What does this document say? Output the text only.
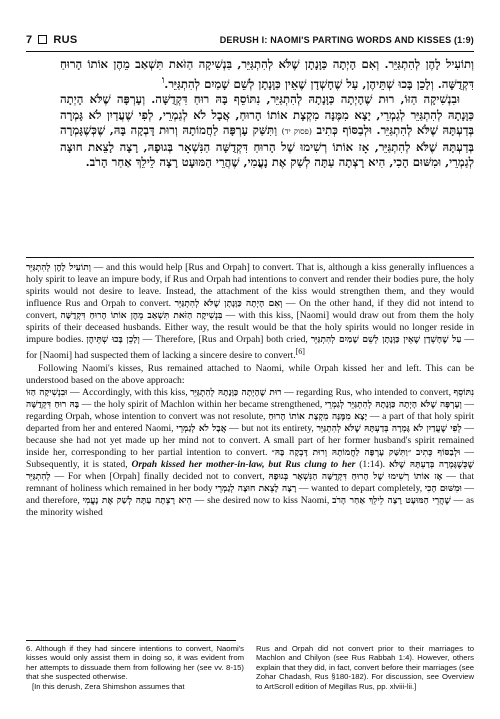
7 RUS	DERUSH I: NAOMI'S PARTING WORDS AND KISSES (1:9)

וְתוֹעִיל לָהֶן לְהִתְגַּיֵּר. וְאִם הָיְתָה כַּוָּנָתָן שֶׁלֹּא לְהִתְגַּיֵּר, בִּנְשִׁיקָה הַזֹּאת תִּשְׁאַב מֵהֶן אוֹתוֹ הָרוּחַ דִּקְדֻשָּׁה. וְלָכֵן בָּכוּ שְׁתֵּיהֶן, עַל שֶׁחָשְׁדָן שֶׁאֵין כַּוָּנָתָן לְשֵׁם שָׁמַיִם לְהִתְגַּיֵּר.$^ו$

וּבִנְשִׁיקָה הַזּוֹ, רוּת שֶׁהָיְתָה כַּוָּנָתָהּ לְהִתְגַּיֵּר, נִתּוֹסֵף בָּהּ רוּחַ דִּקְדֻשָּׁה. וְעָרְפָּה שֶׁלֹּא הָיְתָה כַּוָּנָתָהּ לְהִתְגַּיֵּר לְגַמְרֵי, יָצָא מִמֶּנָּה מִקְצָת אוֹתוֹ הָרוּחַ, אֲבָל לֹא לְגַמְרֵי, לְפִי שֶׁעֲדַיִן לֹא גָּמְרָה בְּדַעְתָּהּ שֶׁלֹּא לְהִתְגַּיֵּר. וּלְבַסּוֹף כְּתִיב (פסוק יד) וַתִּשַּׁק עָרְפָּה לַחֲמוֹתָהּ וְרוּת דָּבְקָה בָּהּ, שֶׁכְּשֶׁגָּמְרָה בְּדַעְתָּהּ שֶׁלֹּא לְהִתְגַּיֵּר, אָז אוֹתוֹ רְשִׁימוּ שֶׁל הָרוּחַ דִּקְדֻשָּׁה הַנִּשְׁאָר בְּגוּפָהּ, רָצָה לָצֵאת חוּצָה לְגַמְרֵי, וּמִשּׁוּם הָכִי, הִיא רָצְתָה עַתָּה לְשַׁק אֶת נָעֳמִי, שֶׁהֲרֵי הַמּוּעָט רָצָה לֵילֵךְ אַחַר הָרֹב.

וְתוֹעִיל לָהֶן לְהִתְגַּיֵּר — and this would help [Rus and Orpah] to convert. That is, although a kiss generally influences a holy spirit to leave an impure body, if Rus and Orpah had intentions to convert and render their bodies pure, the holy spirits would not desire to leave. Instead, the attachment of the kiss would strengthen them, and they would influence Rus and Orpah to convert. וְאִם הָיְתָה כַּוָּנָתָן שֶׁלֹּא לְהִתְגַּיֵּר — On the other hand, if they did not intend to convert, בִּנְשִׁיקָה הַזֹּאת תִּשְׁאַב מֵהֶן אוֹתוֹ הָרוּחַ דִּקְדֻשָּׁה — with this kiss, [Naomi] would draw out from them the holy spirits of their deceased husbands. Either way, the result would be that the holy spirits would no longer reside in impure bodies. וְלָכֵן בָּכוּ שְׁתֵּיהֶן — Therefore, [Rus and Orpah] both cried, עַל שֶׁחָשְׁדָן שֶׁאֵין כַּוָּנָתָן לְשֵׁם שָׁמַיִם לְהִתְגַּיֵּר — for [Naomi] had suspected them of lacking a sincere desire to convert.[6]

Following Naomi's kisses, Rus remained attached to Naomi, while Orpah kissed her and left. This can be understood based on the above approach:

וּבִנְשִׁיקָה הַזּוֹ — Accordingly, with this kiss, רוּת שֶׁהָיְתָה כַּוָּנָתָהּ לְהִתְגַּיֵּר — regarding Rus, who intended to convert, נִתּוֹסֵף בָּהּ רוּחַ דִּקְדֻשָּׁה — the holy spirit of Machlon within her became strengthened, וְעָרְפָּה שֶׁלֹּא הָיְתָה כַּוָּנָתָהּ לְהִתְגַּיֵּר לְגַמְרֵי — regarding Orpah, whose intention to convert was not resolute, יָצָא מִמֶּנָּה מִקְצָת אוֹתוֹ הָרוּחַ — a part of that holy spirit departed from her and entered Naomi, אֲבָל לֹא לְגַמְרֵי — but not its entirety, לְפִי שֶׁעֲדַיִן לֹא גָּמְרָה בְּדַעְתָּהּ שֶׁלֹּא לְהִתְגַּיֵּר — because she had not yet made up her mind not to convert. A small part of her former husband's spirit remained inside her, corresponding to her partial intention to convert. וּלְבַסּוֹף כְּתִיב ״וַתִּשַּׁק עָרְפָּה לַחֲמוֹתָהּ וְרוּת דָּבְקָה בָּהּ״ — Subsequently, it is stated, Orpah kissed her mother-in-law, but Rus clung to her (1:14). שֶׁכְּשֶׁגָּמְרָה בְּדַעְתָּהּ שֶׁלֹּא לְהִתְגַּיֵּר — For when [Orpah] finally decided not to convert, אָז אוֹתוֹ רְשִׁימוּ שֶׁל הָרוּחַ דִּקְדֻשָּׁה הַנִּשְׁאָר בְּגוּפָהּ — that remnant of holiness which remained in her body רָצָה לָצֵאת חוּצָה לְגַמְרֵי — wanted to depart completely, וּמִשּׁוּם הָכִי — and therefore, הִיא רָצְתָה עַתָּה לְשַׁק אֶת נָעֳמִי — she desired now to kiss Naomi, שֶׁהֲרֵי הַמּוּעָט רָצָה לֵילֵךְ אַחַר הָרֹב — as the minority wished

6. Although if they had sincere intentions to convert, Naomi's kisses would only assist them in doing so, it was evident from her attempts to dissuade them from following her (see vv. 8-15) that she suspected otherwise.

[In this derush, Zera Shimshon assumes that

Rus and Orpah did not convert prior to their marriages to Machlon and Chilyon (see Rus Rabbah 1:4). However, others explain that they did, in fact, convert before their marriages (see Zohar Chadash, Rus §180-182). For discussion, see Overview to ArtScroll edition of Megillas Rus, pp. xlviii-lii.]
